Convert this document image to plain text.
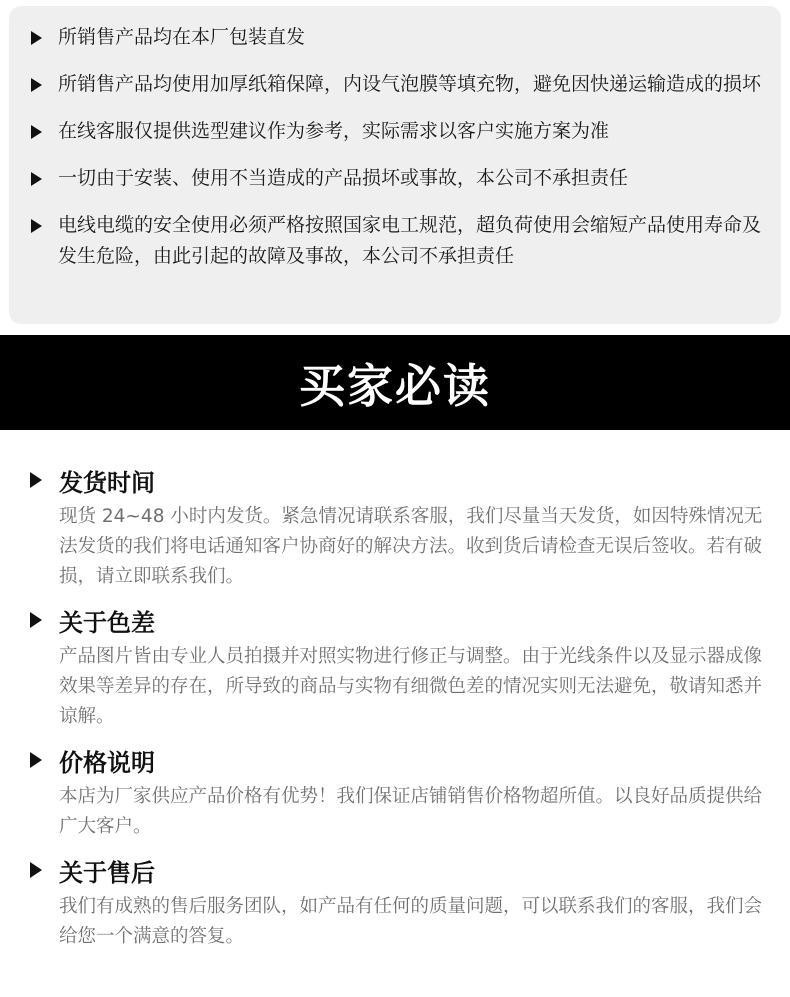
所销售产品均在本厂包装直发
所销售产品均使用加厚纸箱保障，内设气泡膜等填充物，避免因快递运输造成的损坏
在线客服仅提供选型建议作为参考，实际需求以客户实施方案为准
一切由于安装、使用不当造成的产品损坏或事故，本公司不承担责任
电线电缆的安全使用必须严格按照国家电工规范，超负荷使用会缩短产品使用寿命及发生危险，由此引起的故障及事故，本公司不承担责任
买家必读
发货时间
现货 24~48 小时内发货。紧急情况请联系客服，我们尽量当天发货，如因特殊情况无法发货的我们将电话通知客户协商好的解决方法。收到货后请检查无误后签收。若有破损，请立即联系我们。
关于色差
产品图片皆由专业人员拍摄并对照实物进行修正与调整。由于光线条件以及显示器成像效果等差异的存在，所导致的商品与实物有细微色差的情况实则无法避免，敬请知悉并谅解。
价格说明
本店为厂家供应产品价格有优势！我们保证店铺销售价格物超所值。以良好品质提供给广大客户。
关于售后
我们有成熟的售后服务团队，如产品有任何的质量问题，可以联系我们的客服，我们会给您一个满意的答复。
